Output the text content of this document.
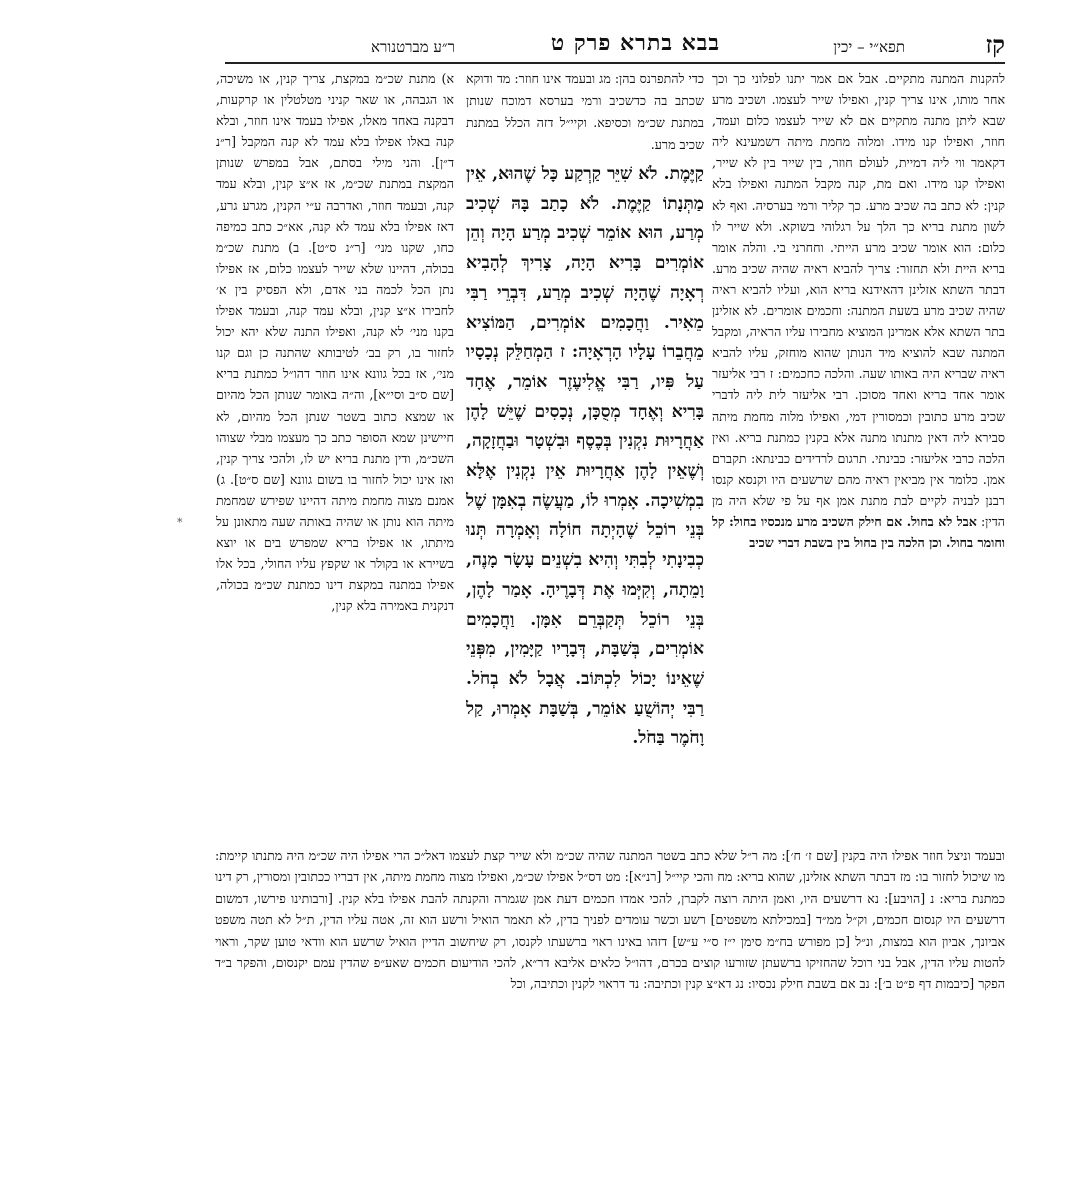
קז
תפא״י – יכין
בבא בתרא פרק ט
ר״ע מברטנורא
להקנות המתנה מתקיים. אבל אם אמר יתנו לפלוני כך וכך אחר מותו, אינו צריך קנין, ואפילו שייר לעצמו. ושכיב מרע שבא ליתן מתנה מתקיים אם לא שייר לעצמו כלום ועמד, חוזר, ואפילו קנו מידו. ומלוה מחמת מיתה דשמעינא ליה דקאמר ווי ליה דמיית, לעולם חוזר, בין שייר בין לא שייר, ואפילו קנו מידו. ואם מת, קנה מקבל המתנה ואפילו בלא קנין: לא כתב בה שכיב מרע. כך קליר ורמי בערסיה. ואף לא לשון מתנת בריא כך הלך על רגלוהי בשוקא. ולא שייר לו כלום: הוא אומר שכיב מרע הייתי. וחחרני בי. והלה אומר בריא היית ולא תחזור: צריך להביא ראיה שהיה שכיב מרע. דבתר השתא אזלינן דהאידנא בריא הוא, ועליו להביא ראיה שהיה שכיב מרע בשעת המתנה: וחכמים אומרים. לא אזלינן בתר השתא אלא אמרינן המוציא מחבירו עליו הראיה, ומקבל המתנה שבא להוציא מיד הנותן שהוא מוחזק, עליו להביא ראיה שבריא היה באותו שעה. והלכה כחכמים: ז רבי אליעזר אומר אחד בריא ואחד מסוכן. רבי אליעזר לית ליה לדברי שכיב מרע כתובין וכמסורין דמי, ואפילו מלוה מחמת מיתה סבירא ליה דאין מתנתו מתנה אלא בקנין כמתנת בריא. ואין הלכה כרבי אליעזר: כבינתי. תרגום לרדידים כבינתא: תקברם אמן. כלומר אין מביאין ראיה מהם שרשעים היו וקנסא קנסו רבנן לבניה לקיים לבת מתנת אמן אף על פי שלא היה מן הדין: אבל לא בחול. אם חילק השכיב מרע מנכסיו בחול: קל וחומר בחול. וכן הלכה בין בחול בין בשבת דברי שכיב
כדי להתפרנס בהן: מג ובעמד אינו חוזר: מד ודוקא שכתב בה כדשכיב ורמי בערסא דמוכח שנותן במתנת שכ״מ וכסיפא. וקיי״ל דזה הכלל במתנת שכיב מרע.
קַיֶּמֶת. לֹא שִׁיֵּר קַרְקַע כָּל שֶׁהוּא, אֵין מַתְּנָתוֹ קַיֶּמֶת. לֹא כָתַב בָּהּ שְׁכִיב מְרַע, הוּא אוֹמֵר שְׁכִיב מְרַע הָיָה וְהֵן אוֹמְרִים בָּרִיא הָיָה, צָרִיךְ לְהָבִיא רְאָיָה שֶׁהָיָה שְׁכִיב מְרַע, דִּבְרֵי רַבִּי מֵאִיר. וַחֲכָמִים אוֹמְרִים, הַמּוֹצִיא מֵחֲבֵרוֹ עָלָיו הָרְאָיָה: ז הַמְחַלֵּק נְכָסָיו עַל פִּיו, רַבִּי אֱלִיעֶזֶר אוֹמֵר, אֶחָד בָּרִיא וְאֶחָד מְסֻכָּן, נְכָסִים שֶׁיֵּשׁ לָהֶן אַחֲרָיוּת נִקְנִין בְּכֶסֶף וּבִשְׁטָר וּבַחֲזָקָה, וְשֶׁאֵין לָהֶן אַחֲרָיוּת אֵין נִקְנִין אֶלָּא בִמְשִׁיכָה. אָמְרוּ לוֹ, מַעֲשֶׂה בְאִמָּן שֶׁל בְּנֵי רוֹכֵל שֶׁהָיְתָה חוֹלָה וְאָמְרָה תְּנוּ כְבִינָתִי לְבִתִּי וְהִיא בִשְׁנֵים עָשָׂר מָנֶה, וָמֵתָה, וְקִיְּמוּ אֶת דְּבָרֶיהָ. אָמַר לָהֶן, בְּנֵי רוֹכֵל תְּקַבְּרֵם אִמָּן. וַחֲכָמִים אוֹמְרִים, בְּשַׁבָּת, דְּבָרָיו קַיָּמִין, מִפְּנֵי שֶׁאֵינוֹ יָכוֹל לִכְתּוֹב. אֲבָל לֹא בְחֹל. רַבִּי יְהוֹשֻׁעַ אוֹמֵר, בְּשַׁבָּת אָמְרוּ, קַל וָחֹמֶר בַּחֹל.
א) מתנת שכ״מ במקצת, צריך קנין, או משיכה, או הגבהה, או שאר קניני מטלטלין או קרקעות, דבקנה באחד מאלו, אפילו בעמד אינו חוזר, ובלא קנה באלו אפילו בלא עמד לא קנה המקבל [ר״נ ד״ן]. והני מילי בסתם, אבל במפרש שנותן המקצת במתנת שכ״מ, אז א״צ קנין, ובלא עמד קנה, ובעמד חוזר, ואדרבה ע״י הקנין, מגרע גרע, דאז אפילו בלא עמד לא קנה, אא״כ כתב כמיפה כחו, שקנו מני׳ [ר״נ ס״ט]. ב) מתנת שכ״מ בכולה, דהיינו שלא שייר לעצמו כלום, אז אפילו נתן הכל לכמה בני אדם, ולא הפסיק בין א׳ לחבירו א״צ קנין, ובלא עמד קנה, ובעמד אפילו בקנו מני׳ לא קנה, ואפילו התנה שלא יהא יכול לחזור בו, רק בב׳ לטיבותא שהתנה כן וגם קנו מני׳, אז בכל גוונא אינו חוזר דהו״ל כמתנת בריא [שם ס״ב וסי״א], וה״ה באומר שנותן הכל מהיום או שמצא כתוב בשטר שנתן הכל מהיום, לא חיישינן שמא הסופר כתב כך מעצמו מבלי שצוהו השכ״מ, ודין מתנת בריא יש לו, ולהכי צריך קנין, ואז אינו יכול לחזור בו בשום גוונא [שם ס״ט]. ג) אמנם מצוה מחמת מיתה דהיינו שפירש שמחמת מיתה הוא נותן או שהיה באותה שעה מתאונן על מיתתו, או אפילו בריא שמפרש בים או יוצא בשיירא או בקולר או שקפץ עליו החולי, בכל אלו אפילו במתנה במקצת דינו כמתנת שכ״מ בכולה, דנקנית באמירה בלא קנין,
ובעמד וניצל חוזר אפילו היה בקנין [שם ז׳ ח׳]: מה ר״ל שלא כתב בשטר המתנה שהיה שכ״מ ולא שייר קצת לעצמו דאל״כ הרי אפילו היה שכ״מ היה מתנתו קיימת: מו שיכול לחזור בו: מז דבתר השתא אזלינן, שהוא בריא: מח והכי קיי״ל [רנ״א]: מט דס״ל אפילו שכ״מ, ואפילו מצוה מחמת מיתה, אין דבריו ככתובין ומסורין, רק דינו כמתנת בריא: נ [הויבע]: נא דרשעים היו, ואמן היתה רוצה לקברן, להכי אמדו חכמים דעת אמן שגמרה והקנתה להבת אפילו בלא קנין. [ורבותינו פירשו, דמשום דרשעים היו קנסום חכמים, וק״ל ממ״ד [במכילתא משפטים] רשע וכשר עומדים לפניך בדין, לא תאמר הואיל ורשע הוא זה, אטה עליו הדין, ת״ל לא תטה משפט אביונך, אביון הוא במצות, ונ״ל [כן מפורש בח״מ סימן י״ז ס״י ע״ש] דזהו באינו ראוי ברשעתו לקנסו, רק שיחשוב הדיין הואיל שרשע הוא וודאי טוען שקר, וראוי להטות עליו הדין, אבל בני רוכל שהחזיקו ברשעתן שזורעו קוצים בכרם, דהו״ל כלאים אליבא דר״א, להכי הודיעום חכמים שאע״פ שהדין עמם יקנסום, והפקר ב״ד הפקר [כיבמות דף פ״ט ב׳]: נב אם בשבת חילק נכסיו: נג דא״צ קנין וכתיבה: נד דראוי לקנין וכתיבה, וכל
*
